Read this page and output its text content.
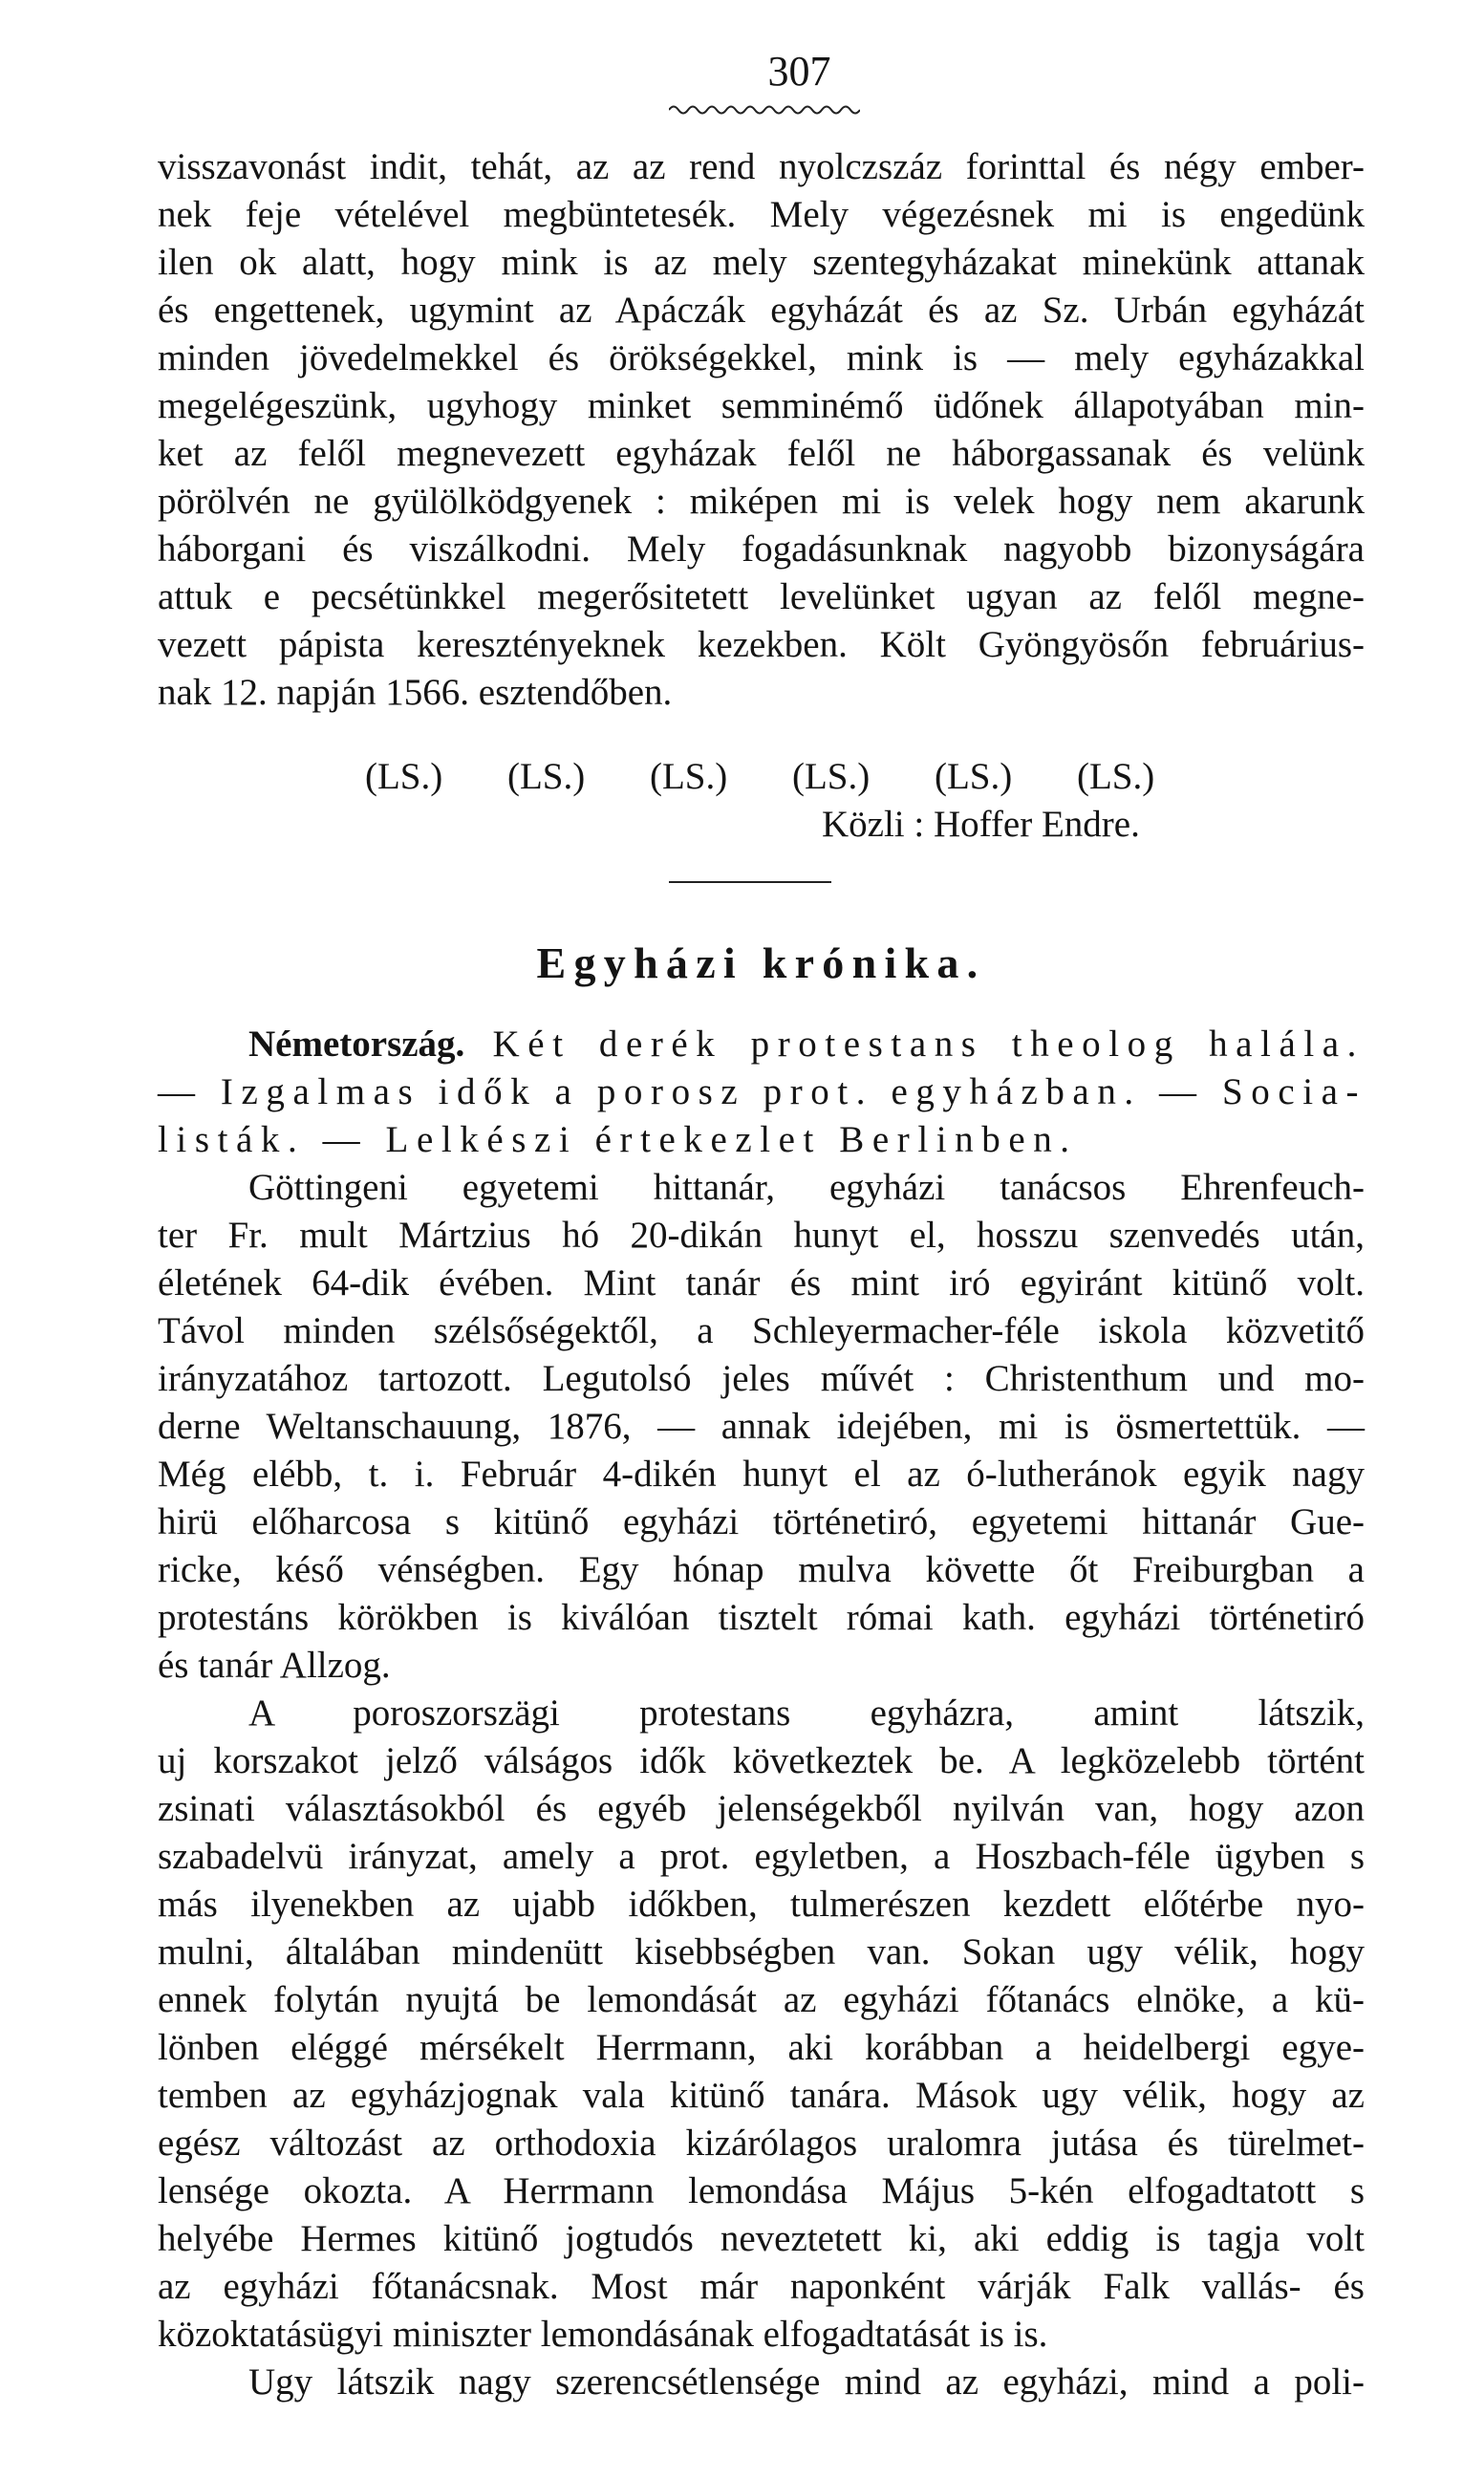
307
visszavonást indit, tehát, az az rend nyolczszáz forinttal és négy ember-
nek feje vételével megbüntetesék. Mely végezésnek mi is engedünk
ilen ok alatt, hogy mink is az mely szentegyházakat minekünk attanak
és engettenek, ugymint az Apáczák egyházát és az Sz. Urbán egyházát
minden jövedelmekkel és örökségekkel, mink is — mely egyházakkal
megelégeszünk, ugyhogy minket semminémő üdőnek állapotyában min-
ket az felől megnevezett egyházak felől ne háborgassanak és velünk
pörölvén ne gyülölködgyenek : miképen mi is velek hogy nem akarunk
háborgani és viszálkodni. Mely fogadásunknak nagyobb bizonyságára
attuk e pecsétünkkel megerősitetett levelünket ugyan az felől megne-
vezett pápista keresztényeknek kezekben. Költ Gyöngyösőn februárius-
nak 12. napján 1566. esztendőben.
(LS.) (LS.) (LS.) (LS.) (LS.) (LS.)
Közli : Hoffer Endre.
Egyházi krónika.
Németország. Két derék protestans theolog halála.
— Izgalmas idők a porosz prot. egyházban. — Socia-
listák. — Lelkészi értekezlet Berlinben.
Göttingeni egyetemi hittanár, egyházi tanácsos Ehrenfeuch-
ter Fr. mult Mártzius hó 20-dikán hunyt el, hosszu szenvedés után,
életének 64-dik évében. Mint tanár és mint iró egyiránt kitünő volt.
Távol minden szélsőségektől, a Schleyermacher-féle iskola közvetitő
irányzatához tartozott. Legutolsó jeles művét : Christenthum und mo-
derne Weltanschauung, 1876, — annak idejében, mi is ösmertettük. —
Még elébb, t. i. Február 4-dikén hunyt el az ó-lutheránok egyik nagy
hirü előharcosa s kitünő egyházi történetiró, egyetemi hittanár Gue-
ricke, késő vénségben. Egy hónap mulva követte őt Freiburgban a
protestáns körökben is kiválóan tisztelt római kath. egyházi történetiró
és tanár Allzog.
A poroszorszägi protestans egyházra, amint látszik,
uj korszakot jelző válságos idők következtek be. A legközelebb történt
zsinati választásokból és egyéb jelenségekből nyilván van, hogy azon
szabadelvü irányzat, amely a prot. egyletben, a Hoszbach-féle ügyben s
más ilyenekben az ujabb időkben, tulmerészen kezdett előtérbe nyo-
mulni, általában mindenütt kisebbségben van. Sokan ugy vélik, hogy
ennek folytán nyujtá be lemondását az egyházi főtanács elnöke, a kü-
lönben eléggé mérsékelt Herrmann, aki korábban a heidelbergi egye-
temben az egyházjognak vala kitünő tanára. Mások ugy vélik, hogy az
egész változást az orthodoxia kizárólagos uralomra jutása és türelmet-
lensége okozta. A Herrmann lemondása Május 5-kén elfogadtatott s
helyébe Hermes kitünő jogtudós neveztetett ki, aki eddig is tagja volt
az egyházi főtanácsnak. Most már naponként várják Falk vallás- és
közoktatásügyi miniszter lemondásának elfogadtatását is is.
Ugy látszik nagy szerencsétlensége mind az egyházi, mind a poli-
